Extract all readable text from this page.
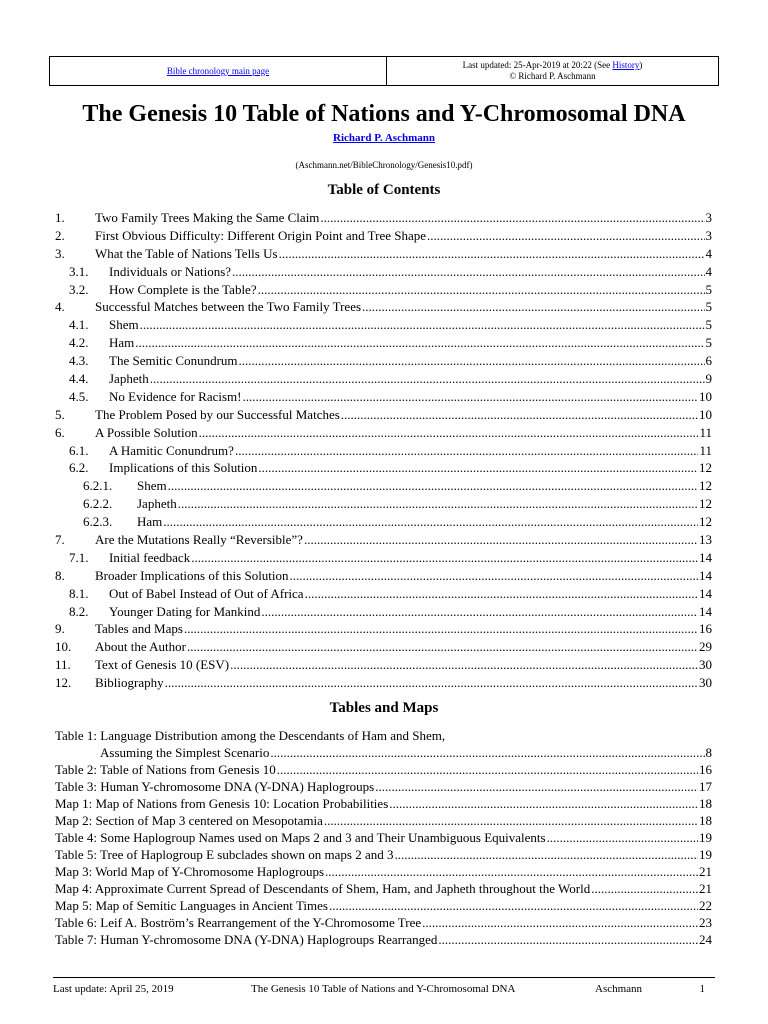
Bible chronology main page
Last updated: 25-Apr-2019 at 20:22 (See History)
© Richard P. Aschmann
The Genesis 10 Table of Nations and Y-Chromosomal DNA
Richard P. Aschmann
(Aschmann.net/BibleChronology/Genesis10.pdf)
Table of Contents
1.	Two Family Trees Making the Same Claim .....	3
2.	First Obvious Difficulty: Different Origin Point and Tree Shape .....	3
3.	What the Table of Nations Tells Us .....	4
3.1.	Individuals or Nations? .....	4
3.2.	How Complete is the Table? .....	5
4.	Successful Matches between the Two Family Trees .....	5
4.1.	Shem .....	5
4.2.	Ham .....	5
4.3.	The Semitic Conundrum .....	6
4.4.	Japheth .....	9
4.5.	No Evidence for Racism! .....	10
5.	The Problem Posed by our Successful Matches .....	10
6.	A Possible Solution .....	11
6.1.	A Hamitic Conundrum? .....	11
6.2.	Implications of this Solution .....	12
6.2.1.	Shem .....	12
6.2.2.	Japheth .....	12
6.2.3.	Ham .....	12
7.	Are the Mutations Really “Reversible”? .....	13
7.1.	Initial feedback .....	14
8.	Broader Implications of this Solution .....	14
8.1.	Out of Babel Instead of Out of Africa .....	14
8.2.	Younger Dating for Mankind .....	14
9.	Tables and Maps .....	16
10.	About the Author .....	29
11.	Text of Genesis 10 (ESV) .....	30
12.	Bibliography .....	30
Tables and Maps
Table 1: Language Distribution among the Descendants of Ham and Shem,
Assuming the Simplest Scenario .....	8
Table 2: Table of Nations from Genesis 10 .....	16
Table 3: Human Y-chromosome DNA (Y-DNA) Haplogroups .....	17
Map 1: Map of Nations from Genesis 10: Location Probabilities .....	18
Map 2: Section of Map 3 centered on Mesopotamia .....	18
Table 4: Some Haplogroup Names used on Maps 2 and 3 and Their Unambiguous Equivalents .....	19
Table 5: Tree of Haplogroup E subclades shown on maps 2 and 3 .....	19
Map 3: World Map of Y-Chromosome Haplogroups .....	21
Map 4: Approximate Current Spread of Descendants of Shem, Ham, and Japheth throughout the World .....	21
Map 5: Map of Semitic Languages in Ancient Times .....	22
Table 6: Leif A. Boström’s Rearrangement of the Y-Chromosome Tree .....	23
Table 7: Human Y-chromosome DNA (Y-DNA) Haplogroups Rearranged .....	24
Last update: April 25, 2019	The Genesis 10 Table of Nations and Y-Chromosomal DNA	Aschmann	1
